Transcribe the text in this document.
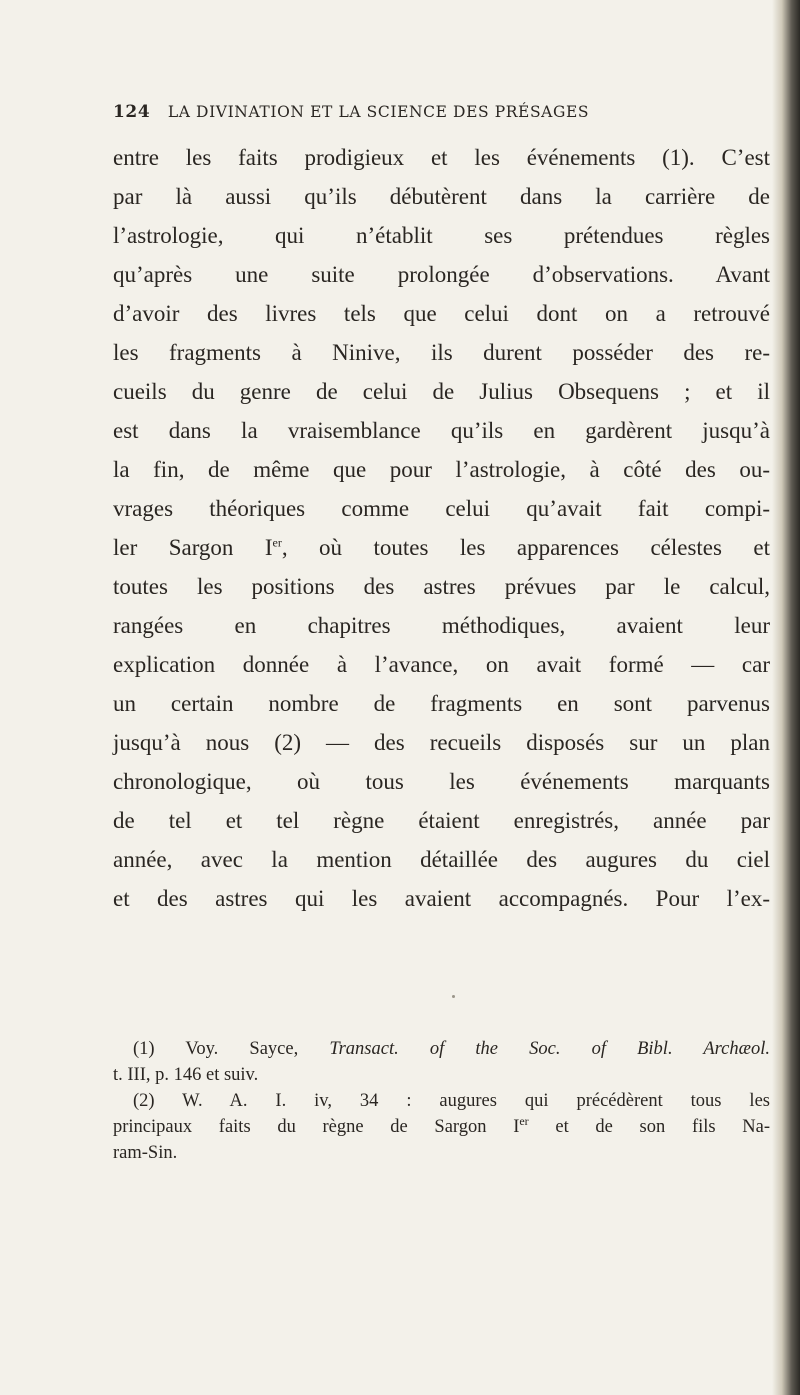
124 LA DIVINATION ET LA SCIENCE DES PRÉSAGES
entre les faits prodigieux et les événements (1). C’est
par là aussi qu’ils débutèrent dans la carrière de
l’astrologie, qui n’établit ses prétendues règles
qu’après une suite prolongée d’observations. Avant
d’avoir des livres tels que celui dont on a retrouvé
les fragments à Ninive, ils durent posséder des re-
cueils du genre de celui de Julius Obsequens ; et il
est dans la vraisemblance qu’ils en gardèrent jusqu’à
la fin, de même que pour l’astrologie, à côté des ou-
vrages théoriques comme celui qu’avait fait compi-
ler Sargon Ier, où toutes les apparences célestes et
toutes les positions des astres prévues par le calcul,
rangées en chapitres méthodiques, avaient leur
explication donnée à l’avance, on avait formé — car
un certain nombre de fragments en sont parvenus
jusqu’à nous (2) — des recueils disposés sur un plan
chronologique, où tous les événements marquants
de tel et tel règne étaient enregistrés, année par
année, avec la mention détaillée des augures du ciel
et des astres qui les avaient accompagnés. Pour l’ex-
(1) Voy. Sayce, Transact. of the Soc. of Bibl. Archæol.
t. III, p. 146 et suiv.
(2) W. A. I. iv, 34 : augures qui précédèrent tous les
principaux faits du règne de Sargon Ier et de son fils Na-
ram-Sin.
